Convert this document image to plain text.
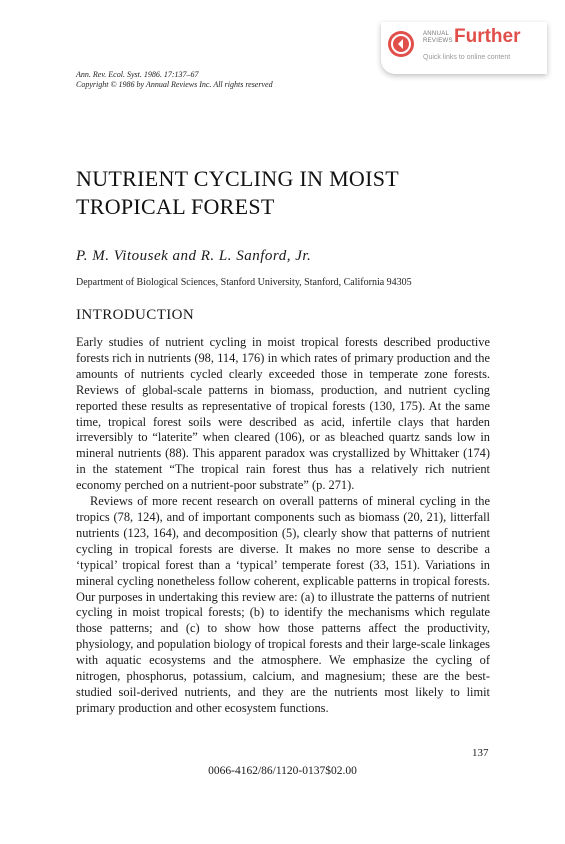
ANNUAL
REVIEWS Further
Quick links to online content
Ann. Rev. Ecol. Syst. 1986. 17:137–67
Copyright © 1986 by Annual Reviews Inc. All rights reserved
NUTRIENT CYCLING IN MOIST
TROPICAL FOREST
P. M. Vitousek and R. L. Sanford, Jr.
Department of Biological Sciences, Stanford University, Stanford, California 94305
INTRODUCTION

Early studies of nutrient cycling in moist tropical forests described productive forests rich in nutrients (98, 114, 176) in which rates of primary production and the amounts of nutrients cycled clearly exceeded those in temperate zone forests. Reviews of global-scale patterns in biomass, production, and nutrient cycling reported these results as representative of tropical forests (130, 175). At the same time, tropical forest soils were described as acid, infertile clays that harden irreversibly to “laterite” when cleared (106), or as bleached quartz sands low in mineral nutrients (88). This apparent paradox was crystallized by Whittaker (174) in the statement “The tropical rain forest thus has a relatively rich nutrient economy perched on a nutrient-poor substrate” (p. 271).

Reviews of more recent research on overall patterns of mineral cycling in the tropics (78, 124), and of important components such as biomass (20, 21), litterfall nutrients (123, 164), and decomposition (5), clearly show that patterns of nutrient cycling in tropical forests are diverse. It makes no more sense to describe a ‘typical’ tropical forest than a ‘typical’ temperate forest (33, 151). Variations in mineral cycling nonetheless follow coherent, explicable patterns in tropical forests. Our purposes in undertaking this review are: (a) to illustrate the patterns of nutrient cycling in moist tropical forests; (b) to identify the mechanisms which regulate those patterns; and (c) to show how those patterns affect the productivity, physiology, and population biology of tropical forests and their large-scale linkages with aquatic ecosystems and the atmosphere. We emphasize the cycling of nitrogen, phosphorus, potassium, calcium, and magnesium; these are the best-studied soil-derived nutrients, and they are the nutrients most likely to limit primary production and other ecosystem functions.

137
0066-4162/86/1120-0137$02.00
